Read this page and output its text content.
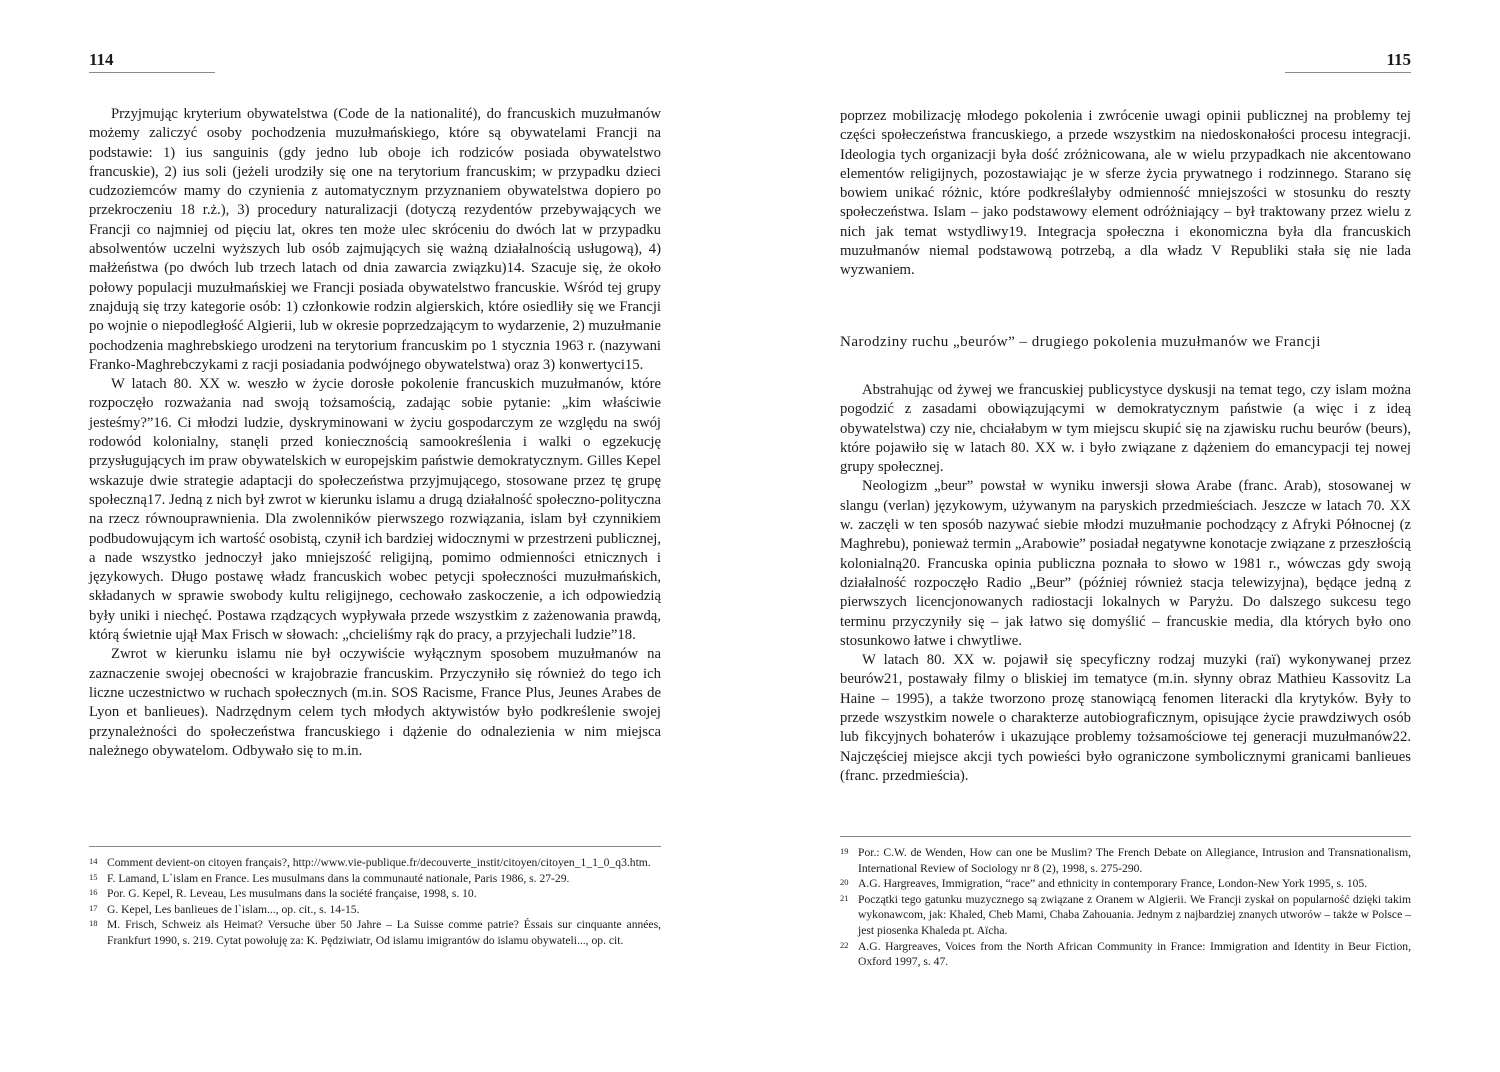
114

Przyjmując kryterium obywatelstwa (Code de la nationalité), do francuskich muzułmanów możemy zaliczyć osoby pochodzenia muzułmańskiego, które są obywatelami Francji na podstawie: 1) ius sanguinis (gdy jedno lub oboje ich rodziców posiada obywatelstwo francuskie), 2) ius soli (jeżeli urodziły się one na terytorium francuskim; w przypadku dzieci cudzoziemców mamy do czynienia z automatycznym przyznaniem obywatelstwa dopiero po przekroczeniu 18 r.ż.), 3) procedury naturalizacji (dotyczą rezydentów przebywających we Francji co najmniej od pięciu lat, okres ten może ulec skróceniu do dwóch lat w przypadku absolwentów uczelni wyższych lub osób zajmujących się ważną działalnością usługową), 4) małżeństwa (po dwóch lub trzech latach od dnia zawarcia związku)14. Szacuje się, że około połowy populacji muzułmańskiej we Francji posiada obywatelstwo francuskie. Wśród tej grupy znajdują się trzy kategorie osób: 1) członkowie rodzin algierskich, które osiedliły się we Francji po wojnie o niepodległość Algierii, lub w okresie poprzedzającym to wydarzenie, 2) muzułmanie pochodzenia maghrebskiego urodzeni na terytorium francuskim po 1 stycznia 1963 r. (nazywani Franko-Maghrebczykami z racji posiadania podwójnego obywatelstwa) oraz 3) konwertyci15.

W latach 80. XX w. weszło w życie dorosłe pokolenie francuskich muzułmanów, które rozpoczęło rozważania nad swoją tożsamością, zadając sobie pytanie: „kim właściwie jesteśmy?”16. Ci młodzi ludzie, dyskryminowani w życiu gospodarczym ze względu na swój rodowód kolonialny, stanęli przed koniecznością samookreślenia i walki o egzekucję przysługujących im praw obywatelskich w europejskim państwie demokratycznym. Gilles Kepel wskazuje dwie strategie adaptacji do społeczeństwa przyjmującego, stosowane przez tę grupę społeczną17. Jedną z nich był zwrot w kierunku islamu a drugą działalność społeczno-polityczna na rzecz równouprawnienia. Dla zwolenników pierwszego rozwiązania, islam był czynnikiem podbudowującym ich wartość osobistą, czynił ich bardziej widocznymi w przestrzeni publicznej, a nade wszystko jednoczył jako mniejszość religijną, pomimo odmienności etnicznych i językowych. Długo postawę władz francuskich wobec petycji społeczności muzułmańskich, składanych w sprawie swobody kultu religijnego, cechowało zaskoczenie, a ich odpowiedzią były uniki i niechęć. Postawa rządzących wypływała przede wszystkim z zażenowania prawdą, którą świetnie ujął Max Frisch w słowach: „chcieliśmy rąk do pracy, a przyjechali ludzie”18.

Zwrot w kierunku islamu nie był oczywiście wyłącznym sposobem muzułmanów na zaznaczenie swojej obecności w krajobrazie francuskim. Przyczyniło się również do tego ich liczne uczestnictwo w ruchach społecznych (m.in. SOS Racisme, France Plus, Jeunes Arabes de Lyon et banlieues). Nadrzędnym celem tych młodych aktywistów było podkreślenie swojej przynależności do społeczeństwa francuskiego i dążenie do odnalezienia w nim miejsca należnego obywatelom. Odbywało się to m.in.

14 Comment devient-on citoyen français?, http://www.vie-publique.fr/decouverte_instit/citoyen/citoyen_1_1_0_q3.htm.
15 F. Lamand, L`islam en France. Les musulmans dans la communauté nationale, Paris 1986, s. 27-29.
16 Por. G. Kepel, R. Leveau, Les musulmans dans la société française, 1998, s. 10.
17 G. Kepel, Les banlieues de l`islam..., op. cit., s. 14-15.
18 M. Frisch, Schweiz als Heimat? Versuche über 50 Jahre – La Suisse comme patrie? Éssais sur cinquante années, Frankfurt 1990, s. 219. Cytat powołuję za: K. Pędziwiatr, Od islamu imigrantów do islamu obywateli..., op. cit.
115

poprzez mobilizację młodego pokolenia i zwrócenie uwagi opinii publicznej na problemy tej części społeczeństwa francuskiego, a przede wszystkim na niedoskonałości procesu integracji. Ideologia tych organizacji była dość zróżnicowana, ale w wielu przypadkach nie akcentowano elementów religijnych, pozostawiając je w sferze życia prywatnego i rodzinnego. Starano się bowiem unikać różnic, które podkreślałyby odmienność mniejszości w stosunku do reszty społeczeństwa. Islam – jako podstawowy element odróżniający – był traktowany przez wielu z nich jak temat wstydliwy19. Integracja społeczna i ekonomiczna była dla francuskich muzułmanów niemal podstawową potrzebą, a dla władz V Republiki stała się nie lada wyzwaniem.

Narodziny ruchu „beurów” – drugiego pokolenia muzułmanów we Francji

Abstrahując od żywej we francuskiej publicystyce dyskusji na temat tego, czy islam można pogodzić z zasadami obowiązującymi w demokratycznym państwie (a więc i z ideą obywatelstwa) czy nie, chciałabym w tym miejscu skupić się na zjawisku ruchu beurów (beurs), które pojawiło się w latach 80. XX w. i było związane z dążeniem do emancypacji tej nowej grupy społecznej.

Neologizm „beur” powstał w wyniku inwersji słowa Arabe (franc. Arab), stosowanej w slangu (verlan) językowym, używanym na paryskich przedmieściach. Jeszcze w latach 70. XX w. zaczęli w ten sposób nazywać siebie młodzi muzułmanie pochodzący z Afryki Północnej (z Maghrebu), ponieważ termin „Arabowie” posiadał negatywne konotacje związane z przeszłością kolonialną20. Francuska opinia publiczna poznała to słowo w 1981 r., wówczas gdy swoją działalność rozpoczęło Radio „Beur” (później również stacja telewizyjna), będące jedną z pierwszych licencjonowanych radiostacji lokalnych w Paryżu. Do dalszego sukcesu tego terminu przyczyniły się – jak łatwo się domyślić – francuskie media, dla których było ono stosunkowo łatwe i chwytliwe.

W latach 80. XX w. pojawił się specyficzny rodzaj muzyki (raï) wykonywanej przez beurów21, postawały filmy o bliskiej im tematyce (m.in. słynny obraz Mathieu Kassovitz La Haine – 1995), a także tworzono prozę stanowiącą fenomen literacki dla krytyków. Były to przede wszystkim nowele o charakterze autobiograficznym, opisujące życie prawdziwych osób lub fikcyjnych bohaterów i ukazujące problemy tożsamościowe tej generacji muzułmanów22. Najczęściej miejsce akcji tych powieści było ograniczone symbolicznymi granicami banlieues (franc. przedmieścia).

19 Por.: C.W. de Wenden, How can one be Muslim? The French Debate on Allegiance, Intrusion and Transnationalism, International Review of Sociology nr 8 (2), 1998, s. 275-290.
20 A.G. Hargreaves, Immigration, “race” and ethnicity in contemporary France, London-New York 1995, s. 105.
21 Początki tego gatunku muzycznego są związane z Oranem w Algierii. We Francji zyskał on popularność dzięki takim wykonawcom, jak: Khaled, Cheb Mami, Chaba Zahouania. Jednym z najbardziej znanych utworów – także w Polsce – jest piosenka Khaleda pt. Aïcha.
22 A.G. Hargreaves, Voices from the North African Community in France: Immigration and Identity in Beur Fiction, Oxford 1997, s. 47.
